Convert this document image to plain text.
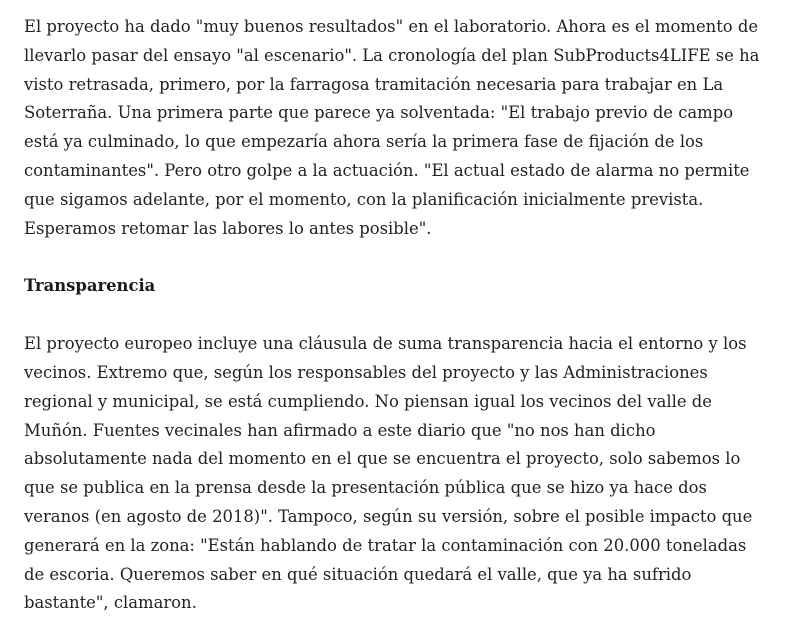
El proyecto ha dado "muy buenos resultados" en el laboratorio. Ahora es el momento de llevarlo pasar del ensayo "al escenario". La cronología del plan SubProducts4LIFE se ha visto retrasada, primero, por la farragosa tramitación necesaria para trabajar en La Soterraña. Una primera parte que parece ya solventada: "El trabajo previo de campo está ya culminado, lo que empezaría ahora sería la primera fase de fijación de los contaminantes". Pero otro golpe a la actuación. "El actual estado de alarma no permite que sigamos adelante, por el momento, con la planificación inicialmente prevista. Esperamos retomar las labores lo antes posible".

Transparencia

El proyecto europeo incluye una cláusula de suma transparencia hacia el entorno y los vecinos. Extremo que, según los responsables del proyecto y las Administraciones regional y municipal, se está cumpliendo. No piensan igual los vecinos del valle de Muñón. Fuentes vecinales han afirmado a este diario que "no nos han dicho absolutamente nada del momento en el que se encuentra el proyecto, solo sabemos lo que se publica en la prensa desde la presentación pública que se hizo ya hace dos veranos (en agosto de 2018)". Tampoco, según su versión, sobre el posible impacto que generará en la zona: "Están hablando de tratar la contaminación con 20.000 toneladas de escoria. Queremos saber en qué situación quedará el valle, que ya ha sufrido bastante", clamaron.
